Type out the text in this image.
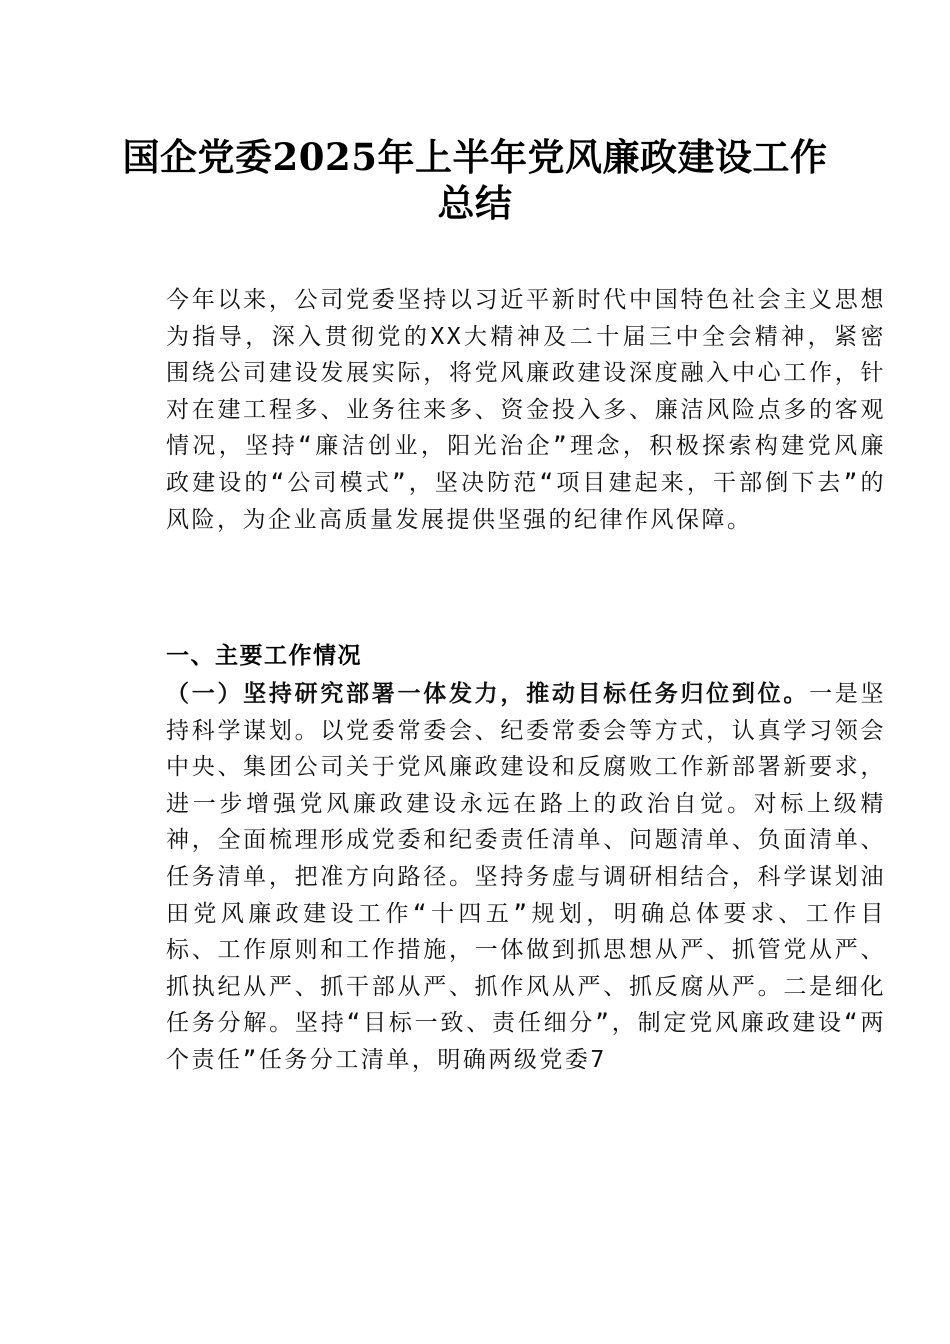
国企党委2025年上半年党风廉政建设工作总结

今年以来，公司党委坚持以习近平新时代中国特色社会主义思想为指导，深入贯彻党的XX大精神及二十届三中全会精神，紧密围绕公司建设发展实际，将党风廉政建设深度融入中心工作，针对在建工程多、业务往来多、资金投入多、廉洁风险点多的客观情况，坚持“廉洁创业，阳光治企”理念，积极探索构建党风廉政建设的“公司模式”，坚决防范“项目建起来，干部倒下去”的风险，为企业高质量发展提供坚强的纪律作风保障。

一、主要工作情况

（一）坚持研究部署一体发力，推动目标任务归位到位。一是坚持科学谋划。以党委常委会、纪委常委会等方式，认真学习领会中央、集团公司关于党风廉政建设和反腐败工作新部署新要求，进一步增强党风廉政建设永远在路上的政治自觉。对标上级精神，全面梳理形成党委和纪委责任清单、问题清单、负面清单、任务清单，把准方向路径。坚持务虚与调研相结合，科学谋划油田党风廉政建设工作“十四五”规划，明确总体要求、工作目标、工作原则和工作措施，一体做到抓思想从严、抓管党从严、抓执纪从严、抓干部从严、抓作风从严、抓反腐从严。二是细化任务分解。坚持“目标一致、责任细分”，制定党风廉政建设“两个责任”任务分工清单，明确两级党委7
